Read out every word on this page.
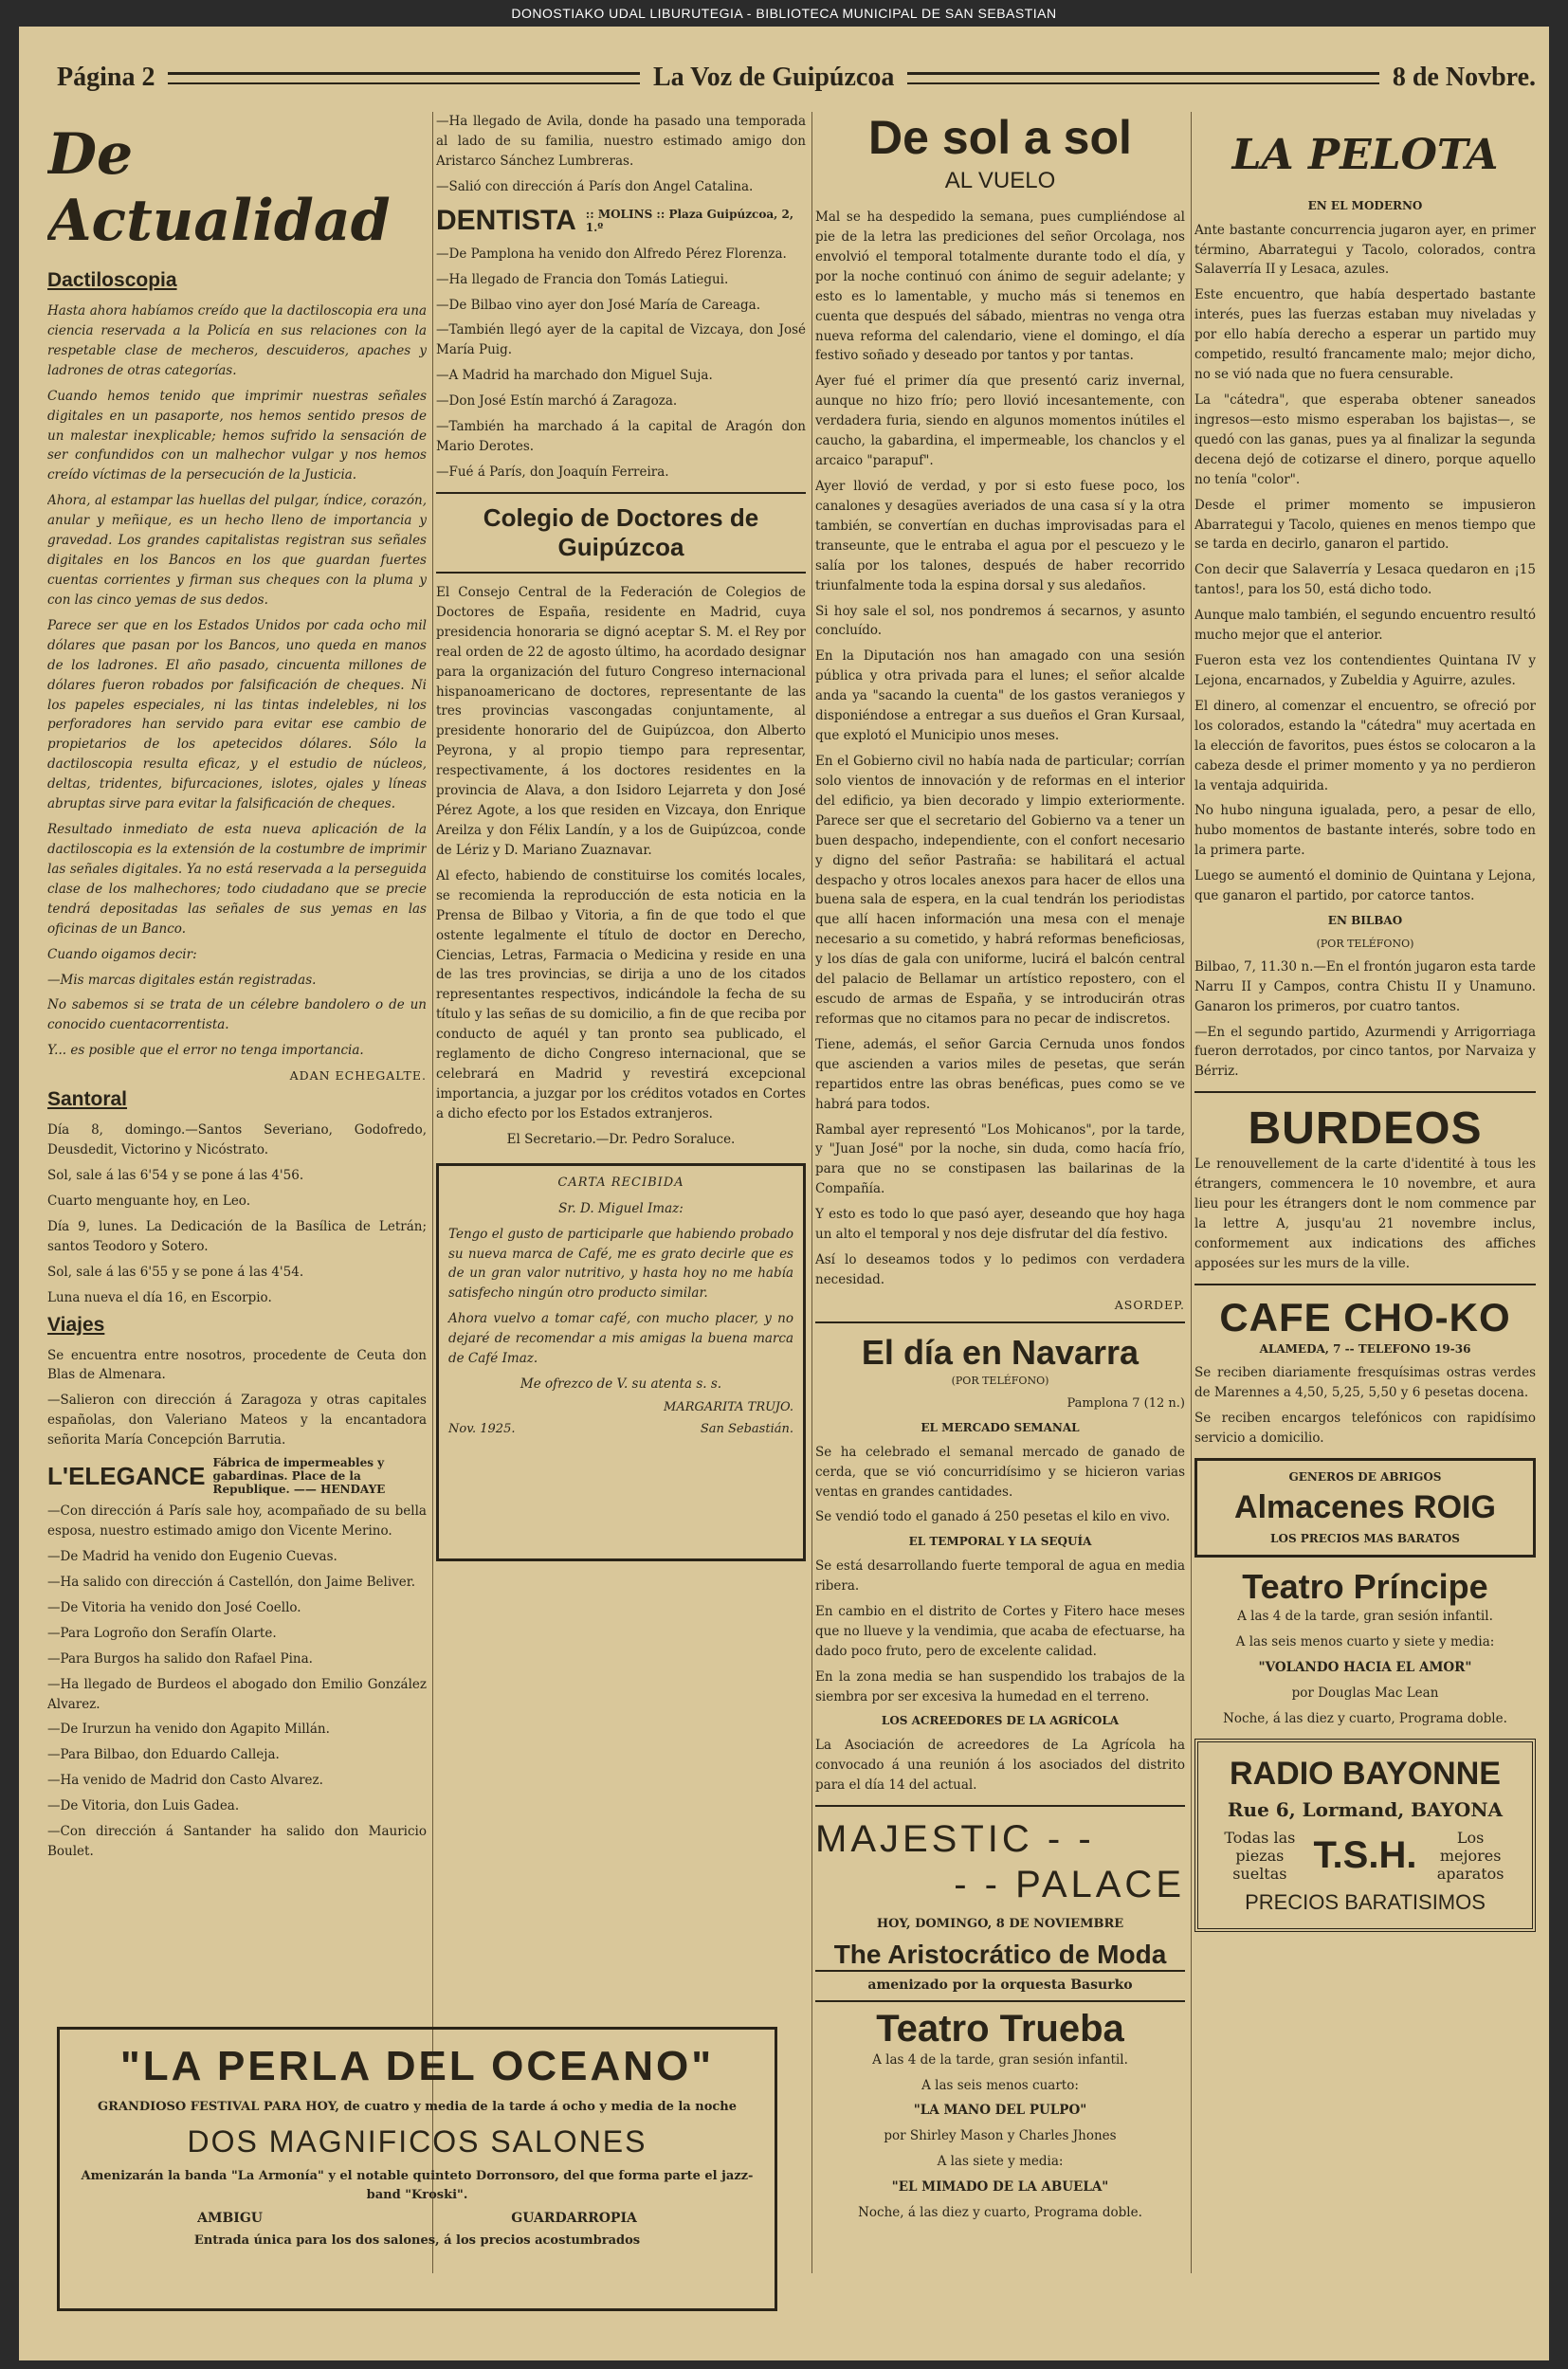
DONOSTIAKO UDAL LIBURUTEGIA - BIBLIOTECA MUNICIPAL DE SAN SEBASTIAN
Página 2	La Voz de Guipúzcoa	8 de Novbre.
De Actualidad
Dactiloscopia

Hasta ahora habíamos creído que la dactiloscopia era una ciencia reservada a la Policía en sus relaciones con la respetable clase de mecheros, descuideros, apaches y ladrones de otras categorías.

Cuando hemos tenido que imprimir nuestras señales digitales en un pasaporte, nos hemos sentido presos de un malestar inexplicable; hemos sufrido la sensación de ser confundidos con un malhechor vulgar y nos hemos creído víctimas de la persecución de la Justicia.

Ahora, al estampar las huellas del pulgar, índice, corazón, anular y meñique, es un hecho lleno de importancia y gravedad. Los grandes capitalistas registran sus señales digitales en los Bancos en los que guardan fuertes cuentas corrientes y firman sus cheques con la pluma y con las cinco yemas de sus dedos.

Parece ser que en los Estados Unidos por cada ocho mil dólares que pasan por los Bancos, uno queda en manos de los ladrones. El año pasado, cincuenta millones de dólares fueron robados por falsificación de cheques. Ni los papeles especiales, ni las tintas indelebles, ni los perforadores han servido para evitar ese cambio de propietarios de los apetecidos dólares. Sólo la dactiloscopia resulta eficaz, y el estudio de núcleos, deltas, tridentes, bifurcaciones, islotes, ojales y líneas abruptas sirve para evitar la falsificación de cheques.

Resultado inmediato de esta nueva aplicación de la dactiloscopia es la extensión de la costumbre de imprimir las señales digitales. Ya no está reservada a la perseguida clase de los malhechores; todo ciudadano que se precie tendrá depositadas las señales de sus yemas en las oficinas de un Banco.

Cuando oigamos decir:

—Mis marcas digitales están registradas.

No sabemos si se trata de un célebre bandolero o de un conocido cuentacorrentista.

Y... es posible que el error no tenga importancia.

ADAN ECHEGALTE.
Santoral

Día 8, domingo.—Santos Severiano, Godofredo, Deusdedit, Victorino y Nicóstrato.

Sol, sale á las 6'54 y se pone á las 4'56.

Cuarto menguante hoy, en Leo.

Día 9, lunes. La Dedicación de la Basílica de Letrán; santos Teodoro y Sotero.

Sol, sale á las 6'55 y se pone á las 4'54.

Luna nueva el día 16, en Escorpio.

Viajes

Se encuentra entre nosotros, procedente de Ceuta don Blas de Almenara.

—Salieron con dirección á Zaragoza y otras capitales españolas, don Valeriano Mateos y la encantadora señorita María Concepción Barrutia.

L'ELEGANCE Fábrica de impermeables y gabardinas. Place de la Republique. —— HENDAYE

—Con dirección á París sale hoy, acompañado de su bella esposa, nuestro estimado amigo don Vicente Merino.

—De Madrid ha venido don Eugenio Cuevas.

—Ha salido con dirección á Castellón, don Jaime Beliver.

—De Vitoria ha venido don José Coello.

—Para Logroño don Serafín Olarte.

—Para Burgos ha salido don Rafael Pina.

—Ha llegado de Burdeos el abogado don Emilio González Alvarez.

—De Irurzun ha venido don Agapito Millán.

—Para Bilbao, don Eduardo Calleja.

—Ha venido de Madrid don Casto Alvarez.

—De Vitoria, don Luis Gadea.

—Con dirección á Santander ha salido don Mauricio Boulet.

—Ha llegado de Avila, donde ha pasado una temporada al lado de su familia, nuestro estimado amigo don Aristarco Sánchez Lumbreras.

—Salió con dirección á París don Angel Catalina.

DENTISTA :: MOLINS :: Plaza Guipúzcoa, 2, 1.º

—De Pamplona ha venido don Alfredo Pérez Florenza.

—Ha llegado de Francia don Tomás Latiegui.

—De Bilbao vino ayer don José María de Careaga.

—También llegó ayer de la capital de Vizcaya, don José María Puig.

—A Madrid ha marchado don Miguel Suja.

—Don José Estín marchó á Zaragoza.

—También ha marchado á la capital de Aragón don Mario Derotes.

—Fué á París, don Joaquín Ferreira.

Colegio de Doctores de Guipúzcoa

El Consejo Central de la Federación de Colegios de Doctores de España, residente en Madrid, cuya presidencia honoraria se dignó aceptar S. M. el Rey por real orden de 22 de agosto último, ha acordado designar para la organización del futuro Congreso internacional hispanoamericano de doctores, representante de las tres provincias vascongadas conjuntamente, al presidente honorario del de Guipúzcoa, don Alberto Peyrona, y al propio tiempo para representar, respectivamente, á los doctores residentes en la provincia de Alava, a don Isidoro Lejarreta y don José Pérez Agote, a los que residen en Vizcaya, don Enrique Areilza y don Félix Landín, y a los de Guipúzcoa, conde de Lériz y D. Mariano Zuaznavar.

Al efecto, habiendo de constituirse los comités locales, se recomienda la reproducción de esta noticia en la Prensa de Bilbao y Vitoria, a fin de que todo el que ostente legalmente el título de doctor en Derecho, Ciencias, Letras, Farmacia o Medicina y reside en una de las tres provincias, se dirija a uno de los citados representantes respectivos, indicándole la fecha de su título y las señas de su domicilio, a fin de que reciba por conducto de aquél y tan pronto sea publicado, el reglamento de dicho Congreso internacional, que se celebrará en Madrid y revestirá excepcional importancia, a juzgar por los créditos votados en Cortes a dicho efecto por los Estados extranjeros.

El Secretario.—Dr. Pedro Soraluce.

CARTA RECIBIDA

Sr. D. Miguel Imaz:

Tengo el gusto de participarle que habiendo probado su nueva marca de Café, me es grato decirle que es de un gran valor nutritivo, y hasta hoy no me había satisfecho ningún otro producto similar.

Ahora vuelvo a tomar café, con mucho placer, y no dejaré de recomendar a mis amigas la buena marca de Café Imaz.

Me ofrezco de V. su atenta s. s.

MARGARITA TRUJO.
Nov. 1925.	San Sebastián.
De sol a sol
AL VUELO

Mal se ha despedido la semana, pues cumpliéndose al pie de la letra las prediciones del señor Orcolaga, nos envolvió el temporal totalmente durante todo el día, y por la noche continuó con ánimo de seguir adelante; y esto es lo lamentable, y mucho más si tenemos en cuenta que después del sábado, mientras no venga otra nueva reforma del calendario, viene el domingo, el día festivo soñado y deseado por tantos y por tantas.

Ayer fué el primer día que presentó cariz invernal, aunque no hizo frío; pero llovió incesantemente, con verdadera furia, siendo en algunos momentos inútiles el caucho, la gabardina, el impermeable, los chanclos y el arcaico "parapuf".

Ayer llovió de verdad, y por si esto fuese poco, los canalones y desagües averiados de una casa sí y la otra también, se convertían en duchas improvisadas para el transeunte, que le entraba el agua por el pescuezo y le salía por los talones, después de haber recorrido triunfalmente toda la espina dorsal y sus aledaños.

Si hoy sale el sol, nos pondremos á secarnos, y asunto concluído.

En la Diputación nos han amagado con una sesión pública y otra privada para el lunes; el señor alcalde anda ya "sacando la cuenta" de los gastos veraniegos y disponiéndose a entregar a sus dueños el Gran Kursaal, que explotó el Municipio unos meses.

En el Gobierno civil no había nada de particular; corrían solo vientos de innovación y de reformas en el interior del edificio, ya bien decorado y limpio exteriormente. Parece ser que el secretario del Gobierno va a tener un buen despacho, independiente, con el confort necesario y digno del señor Pastraña: se habilitará el actual despacho y otros locales anexos para hacer de ellos una buena sala de espera, en la cual tendrán los periodistas que allí hacen información una mesa con el menaje necesario a su cometido, y habrá reformas beneficiosas, y los días de gala con uniforme, lucirá el balcón central del palacio de Bellamar un artístico repostero, con el escudo de armas de España, y se introducirán otras reformas que no citamos para no pecar de indiscretos.

Tiene, además, el señor Garcia Cernuda unos fondos que ascienden a varios miles de pesetas, que serán repartidos entre las obras benéficas, pues como se ve habrá para todos.

Rambal ayer representó "Los Mohicanos", por la tarde, y "Juan José" por la noche, sin duda, como hacía frío, para que no se constipasen las bailarinas de la Compañía.

Y esto es todo lo que pasó ayer, deseando que hoy haga un alto el temporal y nos deje disfrutar del día festivo.

Así lo deseamos todos y lo pedimos con verdadera necesidad.

ASORDEP.
El día en Navarra

(POR TELÉFONO)

Pamplona 7 (12 n.)

EL MERCADO SEMANAL

Se ha celebrado el semanal mercado de ganado de cerda, que se vió concurridísimo y se hicieron varias ventas en grandes cantidades.

Se vendió todo el ganado á 250 pesetas el kilo en vivo.

EL TEMPORAL Y LA SEQUÍA

Se está desarrollando fuerte temporal de agua en media ribera.

En cambio en el distrito de Cortes y Fitero hace meses que no llueve y la vendimia, que acaba de efectuarse, ha dado poco fruto, pero de excelente calidad.

En la zona media se han suspendido los trabajos de la siembra por ser excesiva la humedad en el terreno.

LOS ACREEDORES DE LA AGRÍCOLA

La Asociación de acreedores de La Agrícola ha convocado á una reunión á los asociados del distrito para el día 14 del actual.

MAJESTIC - -
- - PALACE

HOY, DOMINGO, 8 DE NOVIEMBRE

The Aristocrático de Moda

amenizado por la orquesta Basurko

Teatro Trueba

A las 4 de la tarde, gran sesión infantil.

A las seis menos cuarto:

"LA MANO DEL PULPO"

por Shirley Mason y Charles Jhones

A las siete y media:

"EL MIMADO DE LA ABUELA"

Noche, á las diez y cuarto, Programa doble.

LA PELOTA

EN EL MODERNO

Ante bastante concurrencia jugaron ayer, en primer término, Abarrategui y Tacolo, colorados, contra Salaverría II y Lesaca, azules.

Este encuentro, que había despertado bastante interés, pues las fuerzas estaban muy niveladas y por ello había derecho a esperar un partido muy competido, resultó francamente malo; mejor dicho, no se vió nada que no fuera censurable.

La "cátedra", que esperaba obtener saneados ingresos—esto mismo esperaban los bajistas—, se quedó con las ganas, pues ya al finalizar la segunda decena dejó de cotizarse el dinero, porque aquello no tenía "color".

Desde el primer momento se impusieron Abarrategui y Tacolo, quienes en menos tiempo que se tarda en decirlo, ganaron el partido.

Con decir que Salaverría y Lesaca quedaron en ¡15 tantos!, para los 50, está dicho todo.

Aunque malo también, el segundo encuentro resultó mucho mejor que el anterior.

Fueron esta vez los contendientes Quintana IV y Lejona, encarnados, y Zubeldia y Aguirre, azules.

El dinero, al comenzar el encuentro, se ofreció por los colorados, estando la "cátedra" muy acertada en la elección de favoritos, pues éstos se colocaron a la cabeza desde el primer momento y ya no perdieron la ventaja adquirida.

No hubo ninguna igualada, pero, a pesar de ello, hubo momentos de bastante interés, sobre todo en la primera parte.

Luego se aumentó el dominio de Quintana y Lejona, que ganaron el partido, por catorce tantos.

EN BILBAO

(POR TELÉFONO)

Bilbao, 7, 11.30 n.—En el frontón jugaron esta tarde Narru II y Campos, contra Chistu II y Unamuno. Ganaron los primeros, por cuatro tantos.

—En el segundo partido, Azurmendi y Arrigorriaga fueron derrotados, por cinco tantos, por Narvaiza y Bérriz.

BURDEOS

Le renouvellement de la carte d'identité à tous les étrangers, commencera le 10 novembre, et aura lieu pour les étrangers dont le nom commence par la lettre A, jusqu'au 21 novembre inclus, conformement aux indications des affiches apposées sur les murs de la ville.

CAFE CHO-KO

ALAMEDA, 7 -- TELEFONO 19-36

Se reciben diariamente fresquísimas ostras verdes de Marennes a 4,50, 5,25, 5,50 y 6 pesetas docena.

Se reciben encargos telefónicos con rapidísimo servicio a domicilio.

GENEROS DE ABRIGOS
Almacenes ROIG
LOS PRECIOS MAS BARATOS
Teatro Príncipe

A las 4 de la tarde, gran sesión infantil.

A las seis menos cuarto y siete y media:

"VOLANDO HACIA EL AMOR"

por Douglas Mac Lean

Noche, á las diez y cuarto, Programa doble.

RADIO BAYONNE
Rue 6, Lormand, BAYONA
Todas las piezas sueltas T.S.H.	Los mejores aparatos
PRECIOS BARATISIMOS
"LA PERLA DEL OCEANO"

GRANDIOSO FESTIVAL PARA HOY, de cuatro y media de la tarde á ocho y media de la noche

DOS MAGNIFICOS SALONES

Amenizarán la banda "La Armonía" y el notable quinteto Dorronsoro, del que forma parte el jazz-band "Kroski".

AMBIGU	GUARDARROPIA

Entrada única para los dos salones, á los precios acostumbrados
